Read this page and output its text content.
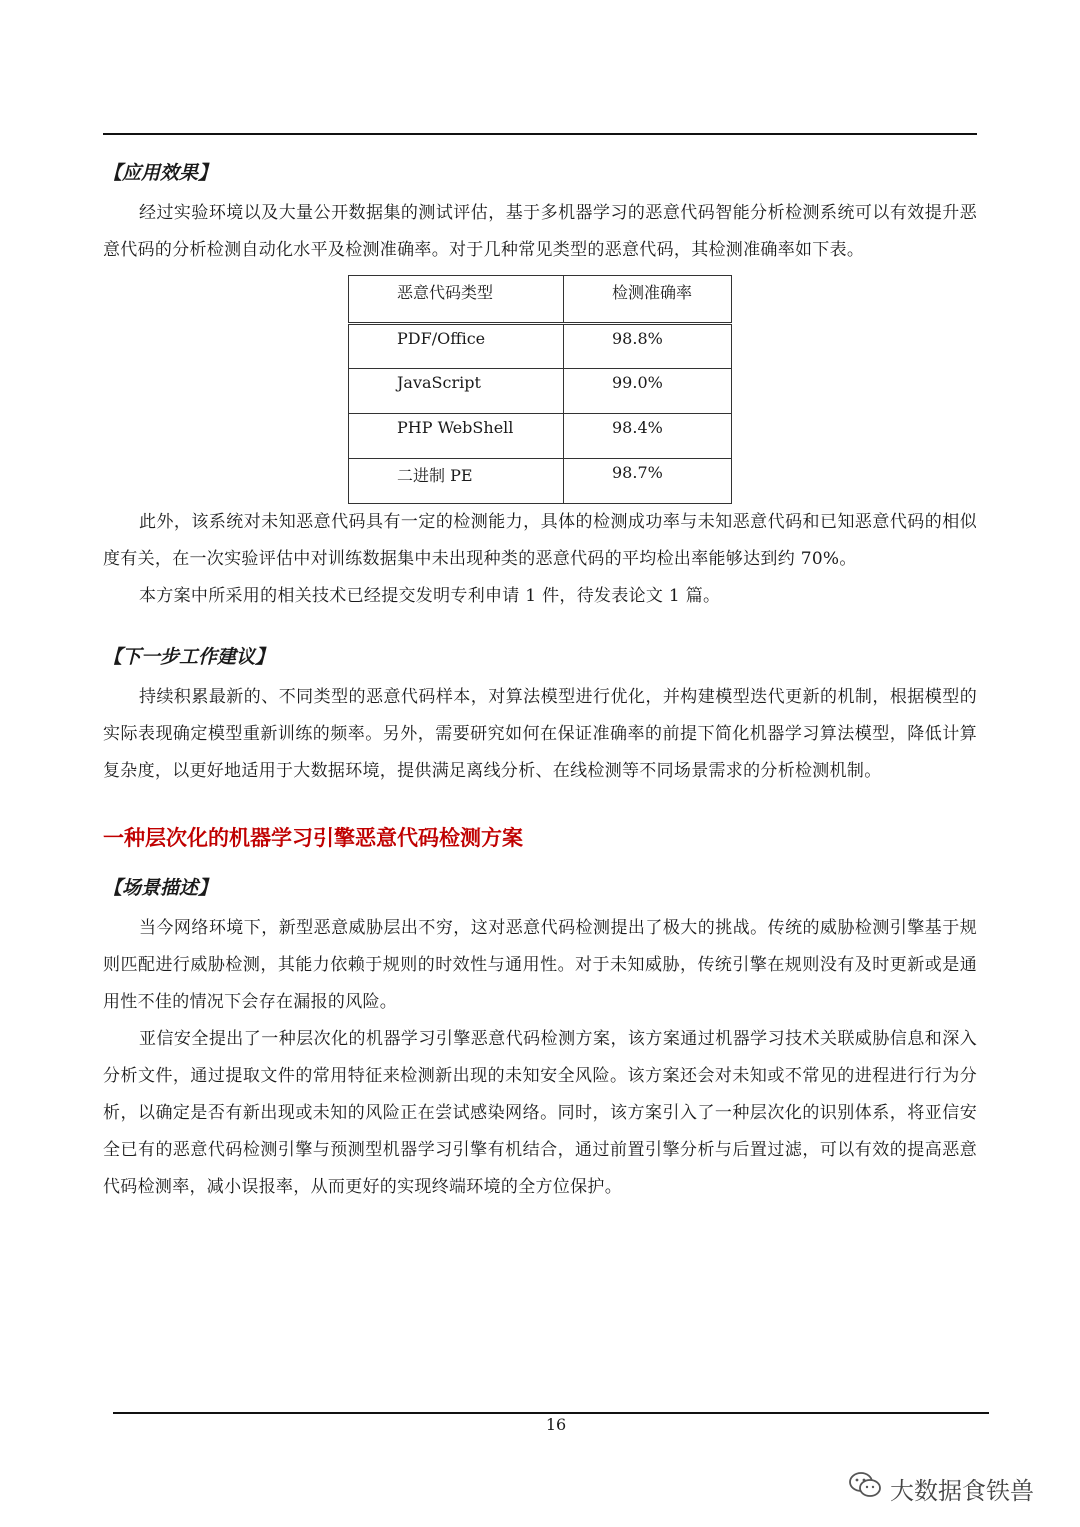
【应用效果】

经过实验环境以及大量公开数据集的测试评估，基于多机器学习的恶意代码智能分析检测系统可以有效提升恶意代码的分析检测自动化水平及检测准确率。对于几种常见类型的恶意代码，其检测准确率如下表。

恶意代码类型	检测准确率
PDF/Office	98.8%
JavaScript	99.0%
PHP WebShell	98.4%
二进制 PE	98.7%

此外，该系统对未知恶意代码具有一定的检测能力，具体的检测成功率与未知恶意代码和已知恶意代码的相似度有关，在一次实验评估中对训练数据集中未出现种类的恶意代码的平均检出率能够达到约 70%。

本方案中所采用的相关技术已经提交发明专利申请 1 件，待发表论文 1 篇。

【下一步工作建议】

持续积累最新的、不同类型的恶意代码样本，对算法模型进行优化，并构建模型迭代更新的机制，根据模型的实际表现确定模型重新训练的频率。另外，需要研究如何在保证准确率的前提下简化机器学习算法模型，降低计算复杂度，以更好地适用于大数据环境，提供满足离线分析、在线检测等不同场景需求的分析检测机制。

一种层次化的机器学习引擎恶意代码检测方案
【场景描述】

当今网络环境下，新型恶意威胁层出不穷，这对恶意代码检测提出了极大的挑战。传统的威胁检测引擎基于规则匹配进行威胁检测，其能力依赖于规则的时效性与通用性。对于未知威胁，传统引擎在规则没有及时更新或是通用性不佳的情况下会存在漏报的风险。

亚信安全提出了一种层次化的机器学习引擎恶意代码检测方案，该方案通过机器学习技术关联威胁信息和深入分析文件，通过提取文件的常用特征来检测新出现的未知安全风险。该方案还会对未知或不常见的进程进行行为分析，以确定是否有新出现或未知的风险正在尝试感染网络。同时，该方案引入了一种层次化的识别体系，将亚信安全已有的恶意代码检测引擎与预测型机器学习引擎有机结合，通过前置引擎分析与后置过滤，可以有效的提高恶意代码检测率，减小误报率，从而更好的实现终端环境的全方位保护。

16
大数据食铁兽
